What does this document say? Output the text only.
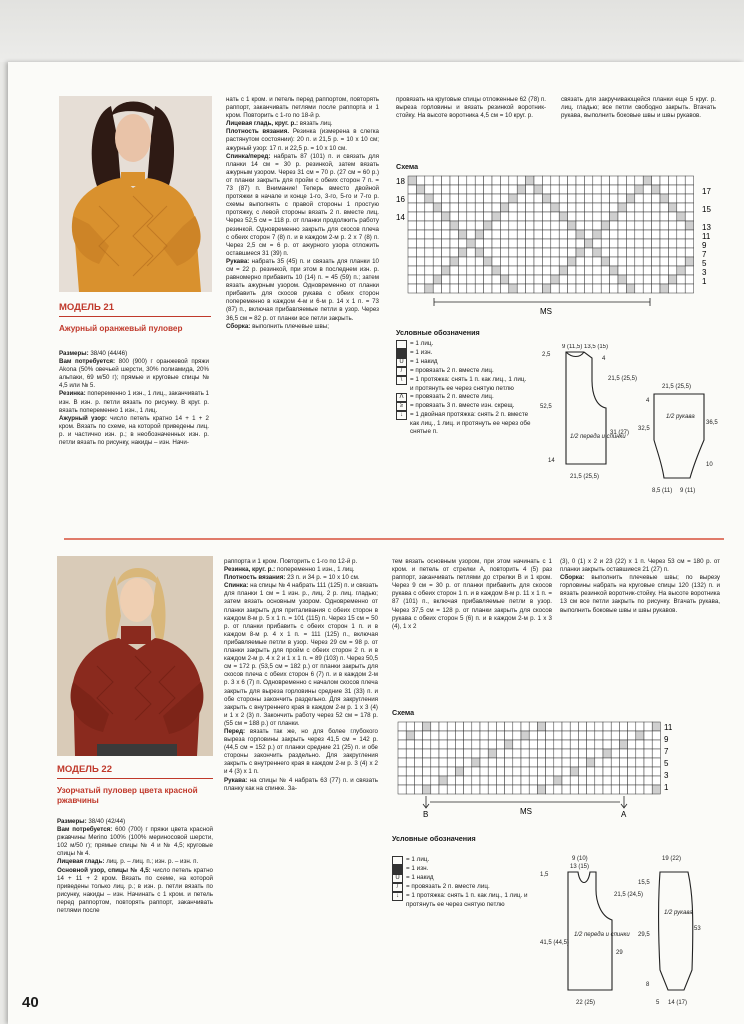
МОДЕЛЬ 21
Ажурный оранжевый пуловер

Размеры: 38/40 (44/46)

Вам потребуется: 800 (900) г оранжевой пряжи Akona (50% овечьей шерсти, 30% полиамида, 20% альпаки, 69 м/50 г); прямые и круговые спицы № 4,5 или № 5.

Резинка: попеременно 1 изн., 1 лиц., заканчивать 1 изн. В изн. р. петли вязать по рисунку. В круг. р. вязать попеременно 1 изн., 1 лиц.

Ажурный узор: число петель кратно 14 + 1 + 2 кром. Вязать по схеме, на которой приведены лиц. р. и частично изн. р.; в необозначенных изн. р. петли вязать по рисунку, накиды – изн. Начи-

нать с 1 кром. и петель перед раппортом, повторять раппорт, заканчивать петлями после раппорта и 1 кром. Повторить с 1-го по 18-й р.

Лицевая гладь, круг. р.: вязать лиц.

Плотность вязания. Резинка (измерена в слегка растянутом состоянии): 20 п. и 21,5 р. = 10 х 10 см; ажурный узор: 17 п. и 22,5 р. = 10 х 10 см.

Спинка/перед: набрать 87 (101) п. и связать для планки 14 см = 30 р. резинкой, затем вязать ажурным узором. Через 31 см = 70 р. (27 см = 60 р.) от планки закрыть для пройм с обеих сторон 7 п. = 73 (87) п. Внимание! Теперь вместо двойной протяжки в начале и конце 1-го, 3-го, 5-го и 7-го р. схемы выполнять с правой стороны 1 простую протяжку, с левой стороны вязать 2 п. вместе лиц. Через 52,5 см = 118 р. от планки продолжить работу резинкой. Одновременно закрыть для скосов плеча с обеих сторон 7 (8) п. и в каждом 2-м р. 2 х 7 (8) п. Через 2,5 см = 6 р. от ажурного узора отложить оставшиеся 31 (39) п.

Рукава: набрать 35 (45) п. и связать для планки 10 см = 22 р. резинкой, при этом в последнем изн. р. равномерно прибавить 10 (14) п. = 45 (59) п.; затем вязать ажурным узором. Одновременно от планки прибавить для скосов рукава с обеих сторон попеременно в каждом 4-м и 6-м р. 14 х 1 п. = 73 (87) п., включая прибавляемые петли в узор. Через 36,5 см = 82 р. от планки все петли закрыть.

Сборка: выполнить плечевые швы;

провязать на круговые спицы отложенные 62 (78) п. выреза горловины и вязать резинкой воротник-стойку. На высоте воротника 4,5 см = 10 круг. р.

связать для закручивающейся планки еще 5 круг. р. лиц. гладью; все петли свободно закрыть. Втачать рукава, выполнить боковые швы и швы рукавов.

Схема
18
16
14
17
15
13
11
9
7
5
3
1
MS
Условные обозначения
= 1 лиц.
= 1 изн.
U	= 1 накид
/	= провязать 2 п. вместе лиц.
\	= 1 протяжка: снять 1 п. как лиц., 1 лиц. и протянуть ее через снятую петлю
Λ	= провязать 2 п. вместе лиц.
≥	= провязать 3 п. вместе изн. скрещ.
↓	= 1 двойная протяжка: снять 2 п. вместе как лиц., 1 лиц. и протянуть ее через обе снятые п.
9 (11,5) 13,5 (15)
4
2,5
21,5 (25,5)
52,5
31 (27)
14
21,5 (25,5)
1/2 переда и спинки
21,5 (25,5)
4
32,5
36,5
10
8,5 (11) 9 (11)
1/2 рукава
МОДЕЛЬ 22
Узорчатый пуловер цвета красной ржавчины

Размеры: 38/40 (42/44)

Вам потребуется: 600 (700) г пряжи цвета красной ржавчины Merino 100% (100% мериносовой шерсти, 102 м/50 г); прямые спицы № 4 и № 4,5; круговые спицы № 4.

Лицевая гладь: лиц. р. – лиц. п.; изн. р. – изн. п.

Основной узор, спицы № 4,5: число петель кратно 14 + 11 + 2 кром. Вязать по схеме, на которой приведены только лиц. р.; в изн. р. петли вязать по рисунку, накиды – изн. Начинать с 1 кром. и петель перед раппортом, повторять раппорт, заканчивать петлями после

раппорта и 1 кром. Повторить с 1-го по 12-й р.

Резинка, круг. р.: попеременно 1 изн., 1 лиц.

Плотность вязания: 23 п. и 34 р. = 10 х 10 см.

Спинка: на спицы № 4 набрать 111 (125) п. и связать для планки 1 см = 1 изн. р., лиц. 2 р. лиц. гладью; затем вязать основным узором. Одновременно от планки закрыть для приталивания с обеих сторон в каждом 8-м р. 5 х 1 п. = 101 (115) п. Через 15 см = 50 р. от планки прибавить с обеих сторон 1 п. и в каждом 8-м р. 4 х 1 п. = 111 (125) п., включая прибавляемые петли в узор. Через 29 см = 98 р. от планки закрыть для пройм с обеих сторон 2 п. и в каждом 2-м р. 4 х 2 и 1 х 1 п. = 89 (103) п. Через 50,5 см = 172 р. (53,5 см = 182 р.) от планки закрыть для скосов плеча с обеих сторон 6 (7) п. и в каждом 2-м р. 3 х 6 (7) п. Одновременно с началом скосов плеча закрыть для выреза горловины средние 31 (33) п. и обе стороны закончить раздельно. Для закругления закрыть с внутреннего края в каждом 2-м р. 1 х 3 (4) и 1 х 2 (3) п. Закончить работу через 52 см = 178 р. (55 см = 188 р.) от планки.

Перед: вязать так же, но для более глубокого выреза горловины закрыть через 41,5 см = 142 р. (44,5 см = 152 р.) от планки средние 21 (25) п. и обе стороны закончить раздельно. Для закругления закрыть с внутреннего края в каждом 2-м р. 3 (4) х 2 и 4 (3) х 1 п.

Рукава: на спицы № 4 набрать 63 (77) п. и связать планку как на спинке. За-

тем вязать основным узором, при этом начинать с 1 кром. и петель от стрелки А, повторить 4 (5) раз раппорт, заканчивать петлями до стрелки В и 1 кром. Через 9 см = 30 р. от планки прибавить для скосов рукава с обеих сторон 1 п. и в каждом 8-м р. 11 х 1 п. = 87 (101) п., включая прибавляемые петли в узор. Через 37,5 см = 128 р. от планки закрыть для скосов рукава с обеих сторон 5 (6) п. и в каждом 2-м р. 1 х 3 (4), 1 х 2

(3), 0 (1) х 2 и 23 (22) х 1 п. Через 53 см = 180 р. от планки закрыть оставшиеся 21 (27) п.

Сборка: выполнить плечевые швы; по вырезу горловины набрать на круговые спицы 120 (132) п. и вязать резинкой воротник-стойку. На высоте воротника 13 см все петли закрыть по рисунку. Втачать рукава, выполнить боковые швы и швы рукавов.

Схема
11
9
7
5
3
1
B	A
MS
Условные обозначения
= 1 лиц.
= 1 изн.
U	= 1 накид
/	= провязать 2 п. вместе лиц.
↓	= 1 протяжка: снять 1 п. как лиц., 1 лиц. и протянуть ее через снятую петлю
9 (10)
13 (15)
1,5
21,5 (24,5)
41,5 (44,5)
29
22 (25)
1/2 переда и спинки
19 (22)
15,5
29,5
53
8
14 (17)
5
1/2 рукава
40
